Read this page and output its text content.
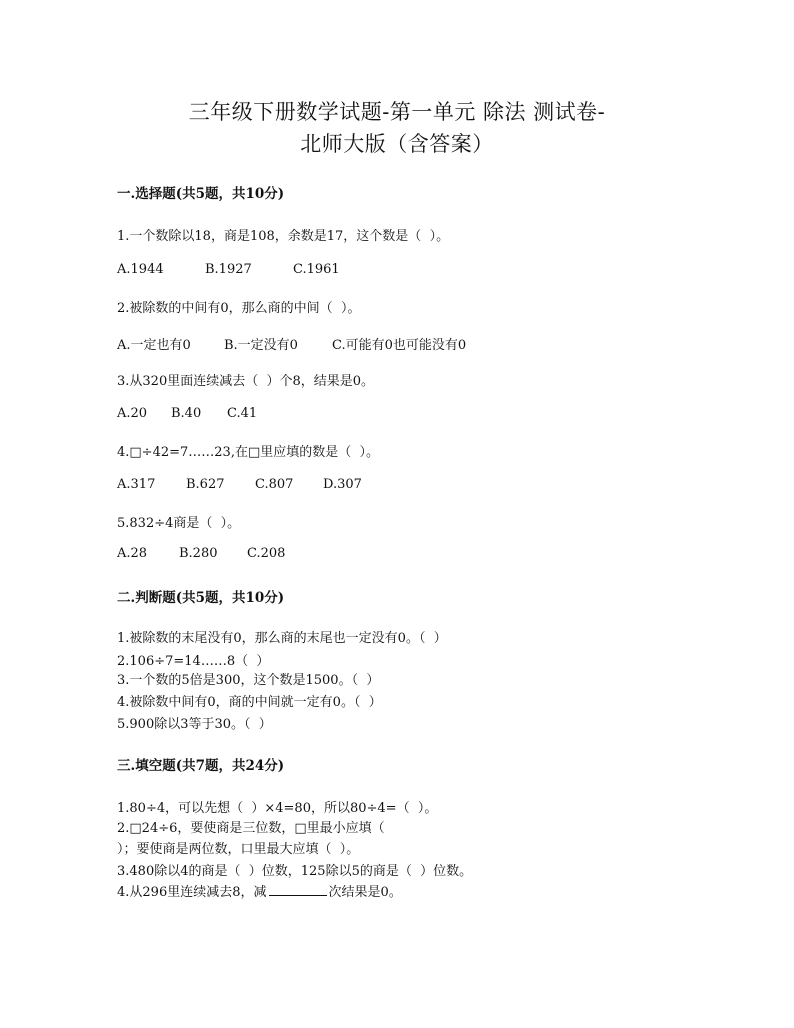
三年级下册数学试题-第一单元 除法 测试卷-
北师大版（含答案）
一.选择题(共5题，共10分)
1.一个数除以18，商是108，余数是17，这个数是（  ）。
A.1944	B.1927	C.1961
2.被除数的中间有0，那么商的中间（  ）。
A.一定也有0	B.一定没有0	C.可能有0也可能没有0
3.从320里面连续减去（  ）个8，结果是0。
A.20 B.40 C.41
4.□÷42=7……23,在□里应填的数是（  ）。
A.317 B.627 C.807 D.307
5.832÷4商是（  ）。
A.28 B.280 C.208
二.判断题(共5题，共10分)
1.被除数的末尾没有0，那么商的末尾也一定没有0。（  ）
2.106÷7=14……8（  ）
3.一个数的5倍是300，这个数是1500。（  ）
4.被除数中间有0，商的中间就一定有0。（  ）
5.900除以3等于30。（  ）
三.填空题(共7题，共24分)
1.80÷4，可以先想（  ）×4=80，所以80÷4=（  ）。
2.□24÷6，要使商是三位数，□里最小应填（
）；要使商是两位数，口里最大应填（  ）。
3.480除以4的商是（  ）位数，125除以5的商是（  ）位数。
4.从296里连续减去8，减	次结果是0。
